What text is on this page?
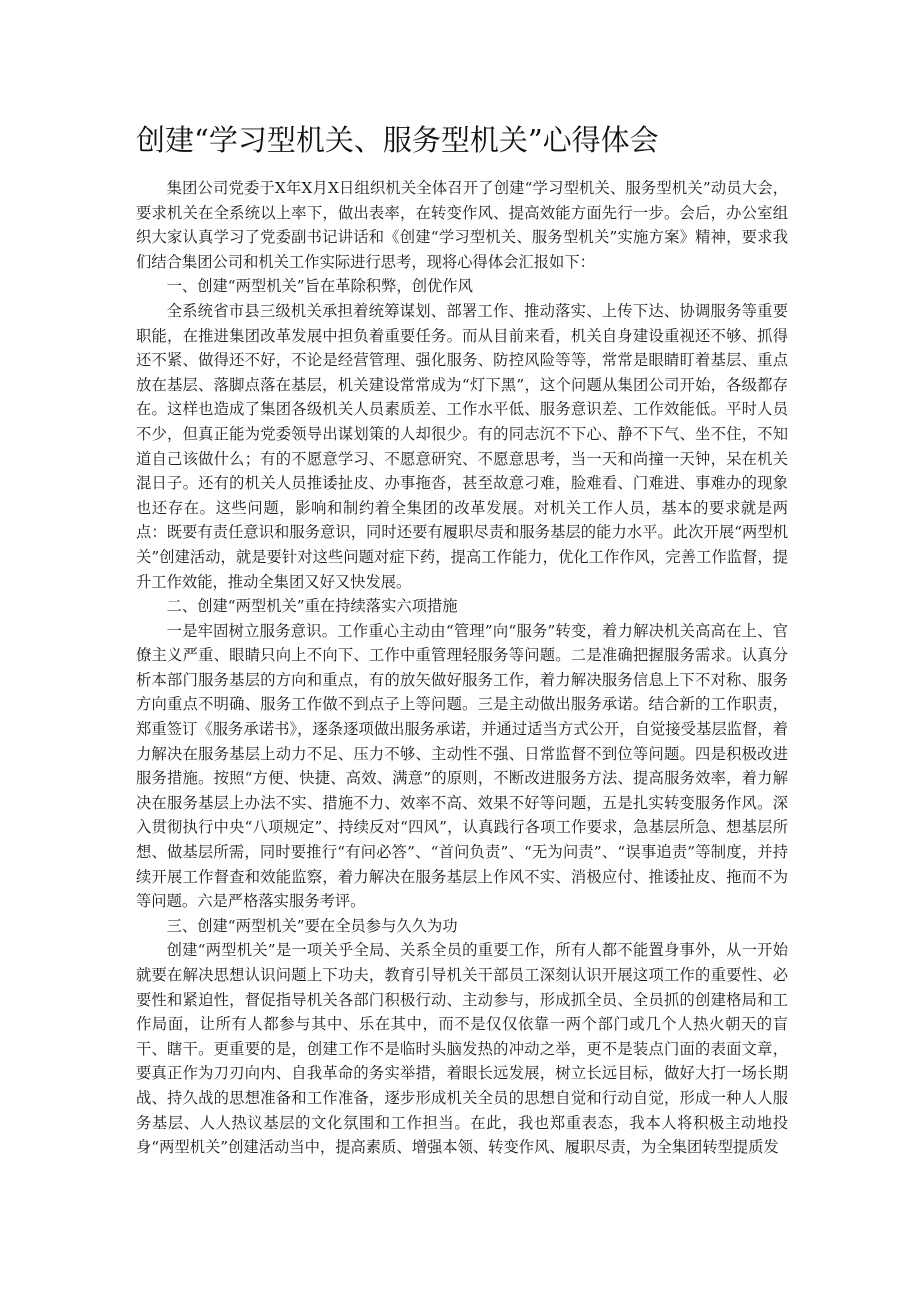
创建“学习型机关、服务型机关”心得体会

集团公司党委于X年X月X日组织机关全体召开了创建“学习型机关、服务型机关”动员大会，要求机关在全系统以上率下，做出表率，在转变作风、提高效能方面先行一步。会后，办公室组织大家认真学习了党委副书记讲话和《创建“学习型机关、服务型机关”实施方案》精神，要求我们结合集团公司和机关工作实际进行思考，现将心得体会汇报如下：

一、创建“两型机关”旨在革除积弊，创优作风

全系统省市县三级机关承担着统筹谋划、部署工作、推动落实、上传下达、协调服务等重要职能，在推进集团改革发展中担负着重要任务。而从目前来看，机关自身建设重视还不够、抓得还不紧、做得还不好，不论是经营管理、强化服务、防控风险等等，常常是眼睛盯着基层、重点放在基层、落脚点落在基层，机关建设常常成为“灯下黑”，这个问题从集团公司开始，各级都存在。这样也造成了集团各级机关人员素质差、工作水平低、服务意识差、工作效能低。平时人员不少，但真正能为党委领导出谋划策的人却很少。有的同志沉不下心、静不下气、坐不住，不知道自己该做什么；有的不愿意学习、不愿意研究、不愿意思考，当一天和尚撞一天钟，呆在机关混日子。还有的机关人员推诿扯皮、办事拖沓，甚至故意刁难，脸难看、门难进、事难办的现象也还存在。这些问题，影响和制约着全集团的改革发展。对机关工作人员，基本的要求就是两点：既要有责任意识和服务意识，同时还要有履职尽责和服务基层的能力水平。此次开展“两型机关”创建活动，就是要针对这些问题对症下药，提高工作能力，优化工作作风，完善工作监督，提升工作效能，推动全集团又好又快发展。

二、创建“两型机关”重在持续落实六项措施

一是牢固树立服务意识。工作重心主动由“管理”向“服务”转变，着力解决机关高高在上、官僚主义严重、眼睛只向上不向下、工作中重管理轻服务等问题。二是准确把握服务需求。认真分析本部门服务基层的方向和重点，有的放矢做好服务工作，着力解决服务信息上下不对称、服务方向重点不明确、服务工作做不到点子上等问题。三是主动做出服务承诺。结合新的工作职责，郑重签订《服务承诺书》，逐条逐项做出服务承诺，并通过适当方式公开，自觉接受基层监督，着力解决在服务基层上动力不足、压力不够、主动性不强、日常监督不到位等问题。四是积极改进服务措施。按照“方便、快捷、高效、满意”的原则，不断改进服务方法、提高服务效率，着力解决在服务基层上办法不实、措施不力、效率不高、效果不好等问题，五是扎实转变服务作风。深入贯彻执行中央“八项规定”、持续反对“四风”，认真践行各项工作要求，急基层所急、想基层所想、做基层所需，同时要推行“有问必答”、“首问负责”、“无为问责”、“误事追责”等制度，并持续开展工作督查和效能监察，着力解决在服务基层上作风不实、消极应付、推诿扯皮、拖而不为等问题。六是严格落实服务考评。

三、创建“两型机关”要在全员参与久久为功

创建“两型机关”是一项关乎全局、关系全员的重要工作，所有人都不能置身事外，从一开始就要在解决思想认识问题上下功夫，教育引导机关干部员工深刻认识开展这项工作的重要性、必要性和紧迫性，督促指导机关各部门积极行动、主动参与，形成抓全员、全员抓的创建格局和工作局面，让所有人都参与其中、乐在其中，而不是仅仅依靠一两个部门或几个人热火朝天的盲干、瞎干。更重要的是，创建工作不是临时头脑发热的冲动之举，更不是装点门面的表面文章，要真正作为刀刃向内、自我革命的务实举措，着眼长远发展，树立长远目标，做好大打一场长期战、持久战的思想准备和工作准备，逐步形成机关全员的思想自觉和行动自觉，形成一种人人服务基层、人人热议基层的文化氛围和工作担当。在此，我也郑重表态，我本人将积极主动地投身“两型机关”创建活动当中，提高素质、增强本领、转变作风、履职尽责，为全集团转型提质发
